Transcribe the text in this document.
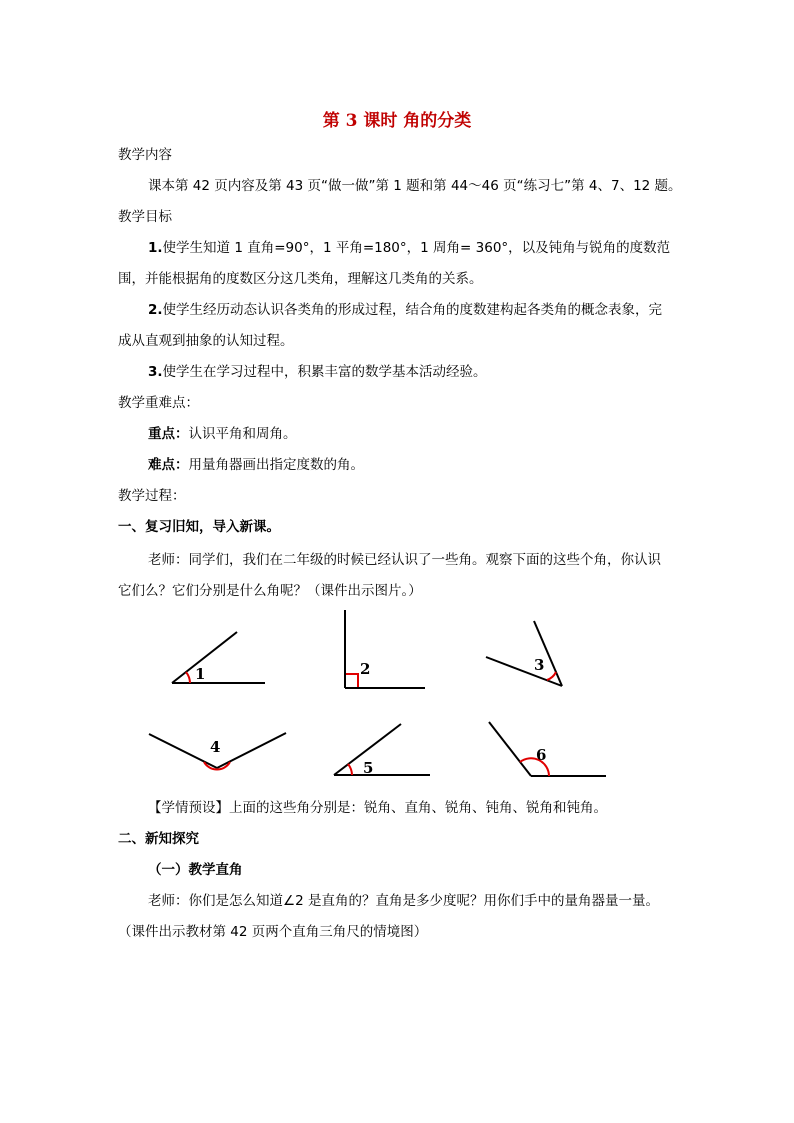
第 3 课时 角的分类
教学内容
课本第 42 页内容及第 43 页“做一做”第 1 题和第 44～46 页“练习七”第 4、7、12 题。
教学目标
1.使学生知道 1 直角=90°，1 平角=180°，1 周角= 360°，以及钝角与锐角的度数范
围，并能根据角的度数区分这几类角，理解这几类角的关系。
2.使学生经历动态认识各类角的形成过程，结合角的度数建构起各类角的概念表象，完
成从直观到抽象的认知过程。
3.使学生在学习过程中，积累丰富的数学基本活动经验。
教学重难点：
重点：认识平角和周角。
难点：用量角器画出指定度数的角。
教学过程：
一、复习旧知，导入新课。
老师：同学们，我们在二年级的时候已经认识了一些角。观察下面的这些个角，你认识
它们么？它们分别是什么角呢？（课件出示图片。）
1	2	3
4
5
6
【学情预设】上面的这些角分别是：锐角、直角、锐角、钝角、锐角和钝角。
二、新知探究
（一）教学直角
老师：你们是怎么知道∠2 是直角的？直角是多少度呢？用你们手中的量角器量一量。
（课件出示教材第 42 页两个直角三角尺的情境图）
